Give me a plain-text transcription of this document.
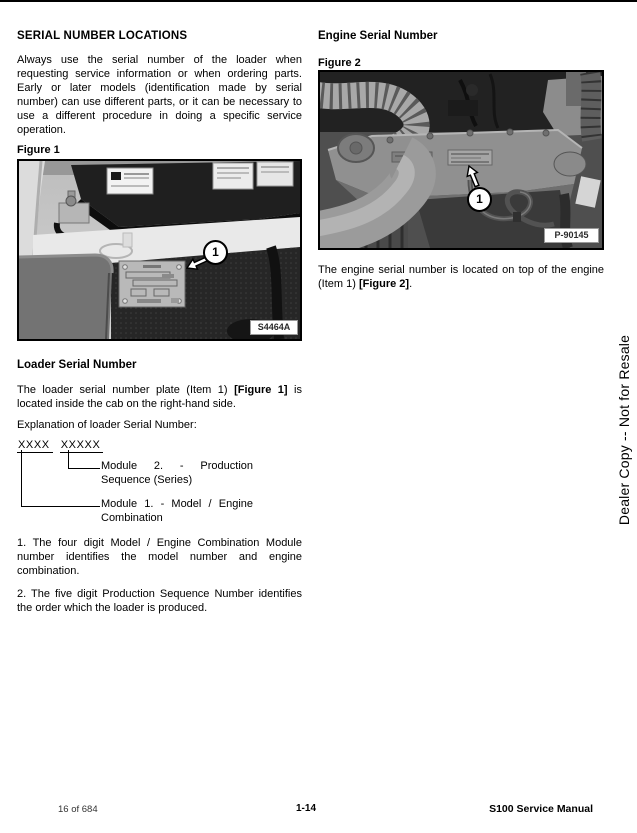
SERIAL NUMBER LOCATIONS

Always use the serial number of the loader when requesting service information or when ordering parts. Early or later models (identification made by serial number) can use different parts, or it can be necessary to use a different procedure in doing a specific service operation.

Figure 1
1
S4464A
Loader Serial Number

The loader serial number plate (Item 1) [Figure 1] is located inside the cab on the right-hand side.

Explanation of loader Serial Number:

XXXX XXXXX
Module 2. - Production Sequence (Series)
Module 1. - Model / Engine Combination

1. The four digit Model / Engine Combination Module number identifies the model number and engine combination.

2. The five digit Production Sequence Number identifies the order which the loader is produced.

Engine Serial Number
Figure 2
1
P-90145

The engine serial number is located on top of the engine (Item 1) [Figure 2].

Dealer Copy -- Not for Resale
16 of 684	1-14	S100 Service Manual
